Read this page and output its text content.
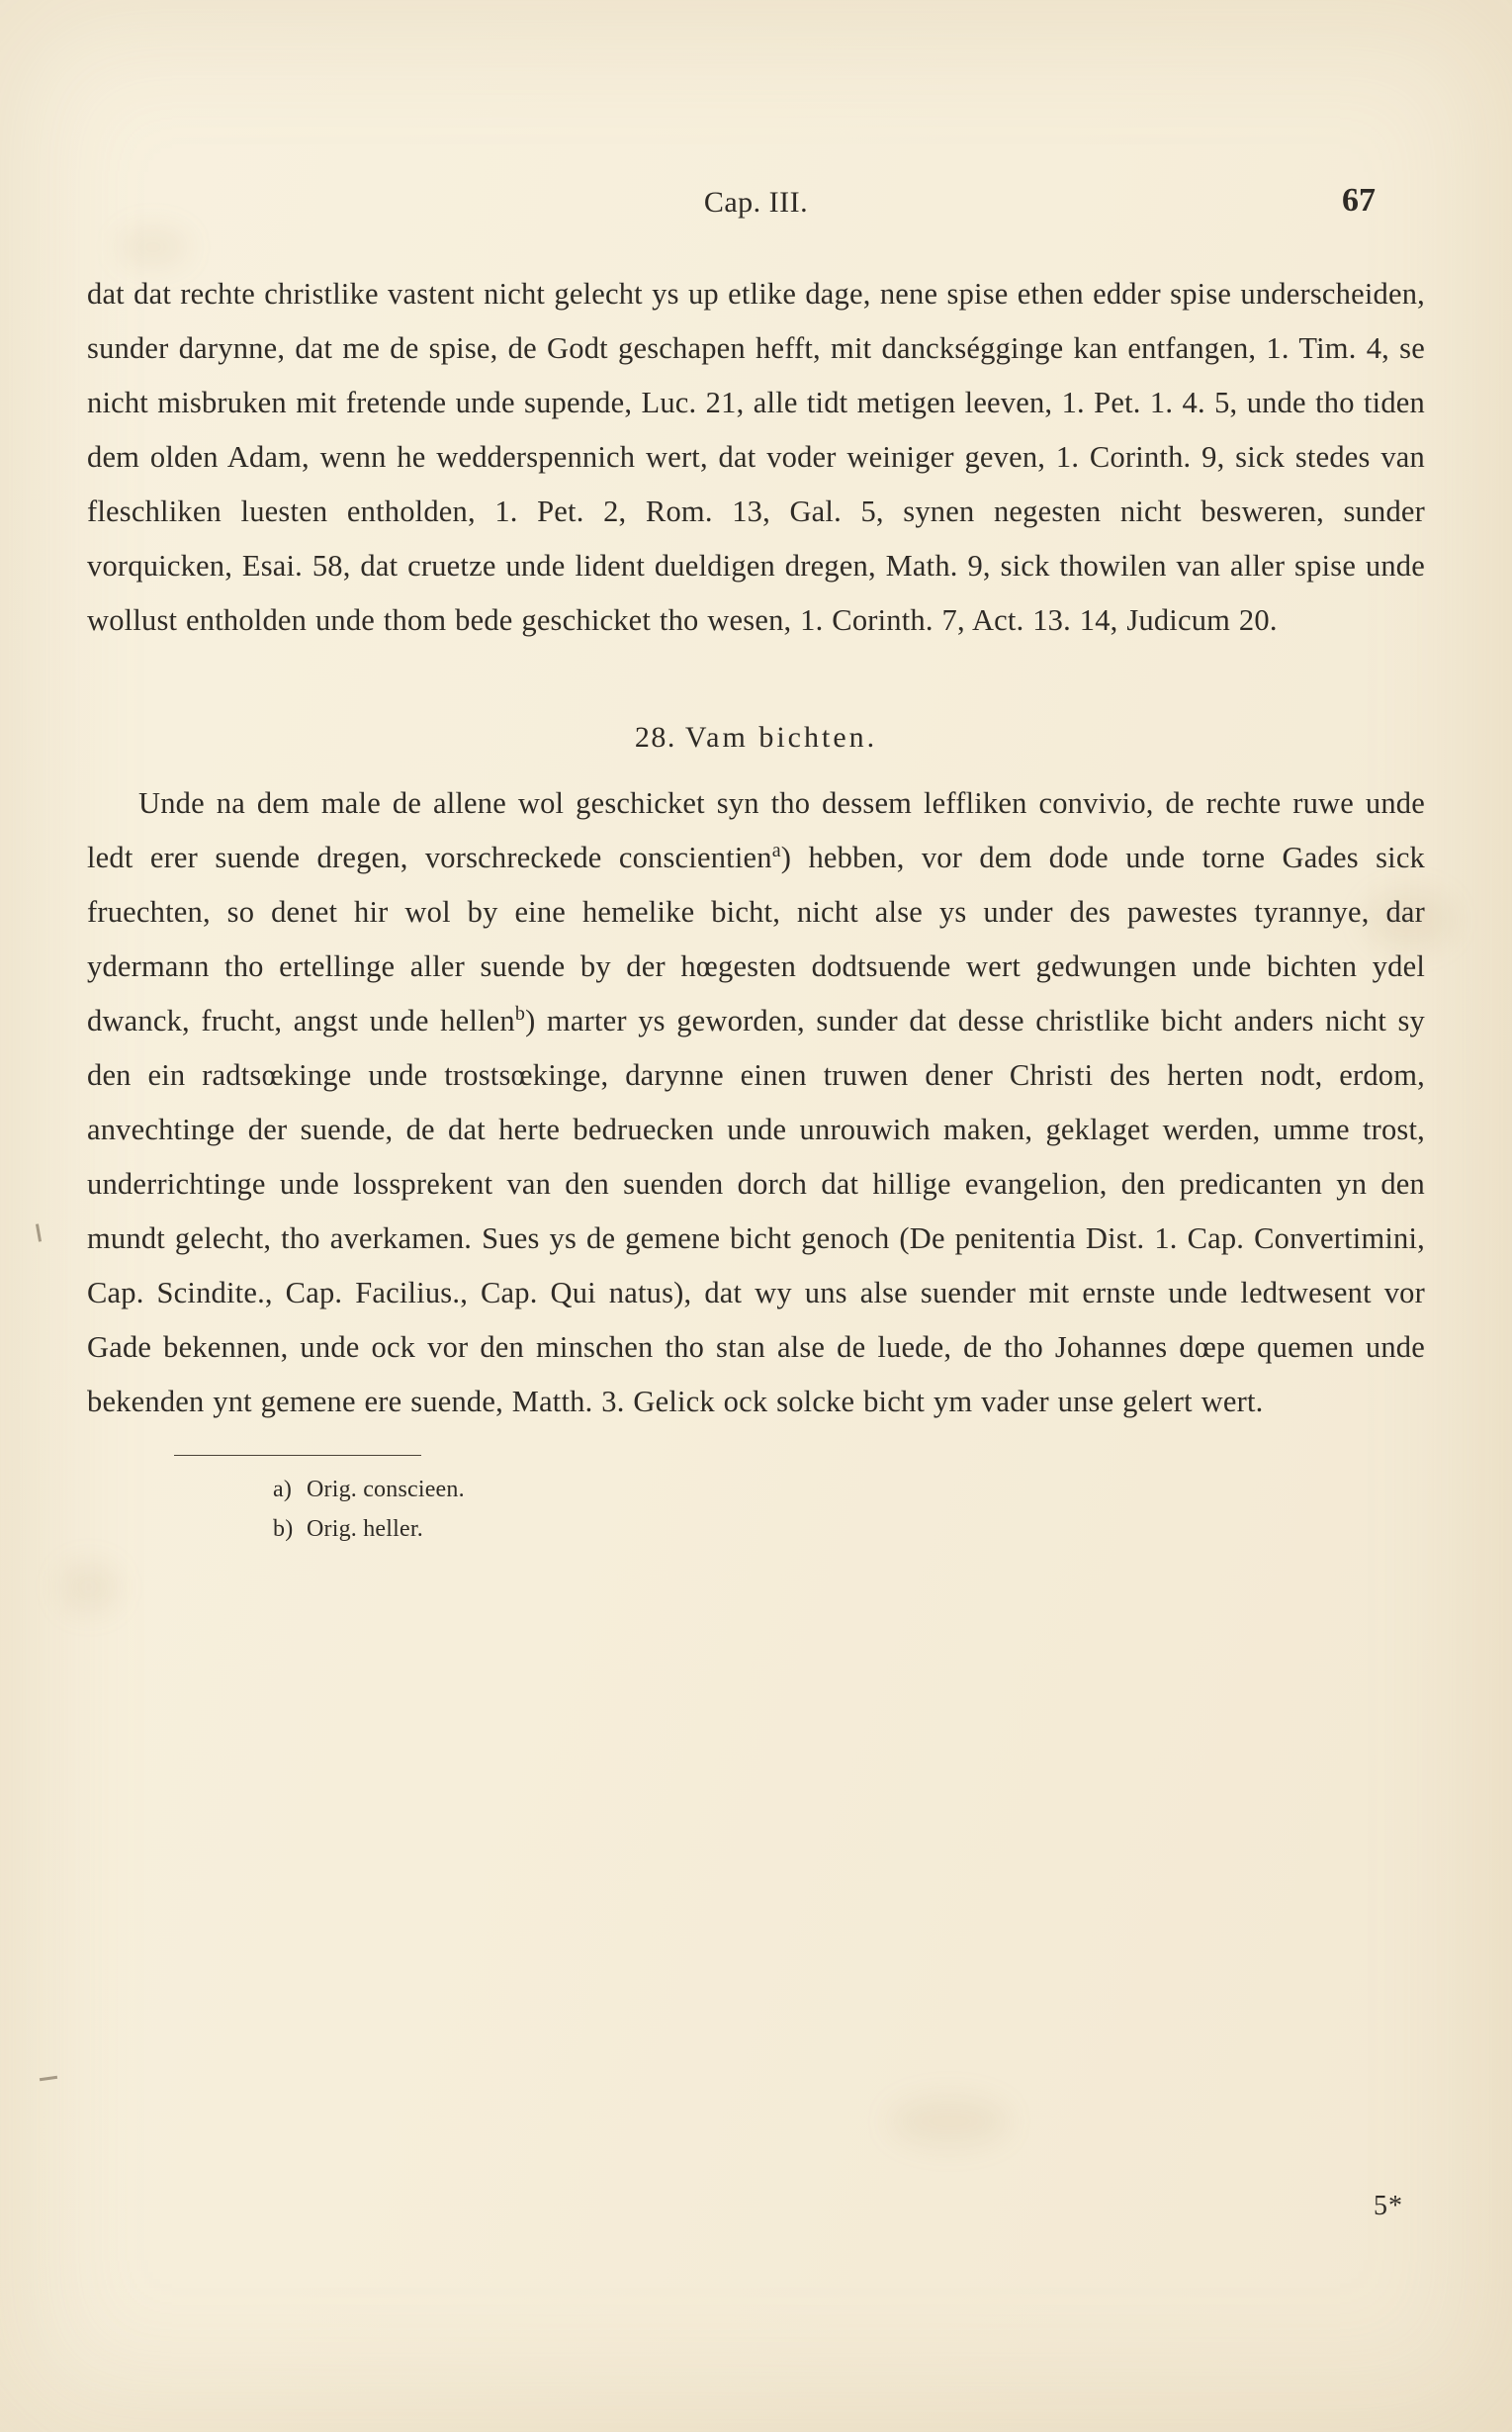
Cap. III.	67
dat dat rechte christlike vastent nicht gelecht ys up etlike dage, nene spise ethen edder spise underscheiden, sunder darynne, dat me de spise, de Godt geschapen hefft, mit danckségginge kan entfangen, 1. Tim. 4, se nicht misbruken mit fretende unde supende, Luc. 21, alle tidt metigen leeven, 1. Pet. 1. 4. 5, unde tho tiden dem olden Adam, wenn he wedderspennich wert, dat voder weiniger geven, 1. Corinth. 9, sick stedes van fleschliken luesten entholden, 1. Pet. 2, Rom. 13, Gal. 5, synen negesten nicht besweren, sunder vorquicken, Esai. 58, dat cruetze unde lident dueldigen dregen, Math. 9, sick thowilen van aller spise unde wollust entholden unde thom bede geschicket tho wesen, 1. Corinth. 7, Act. 13. 14, Judicum 20.
28. Vam bichten.
Unde na dem male de allene wol geschicket syn tho dessem leffliken convivio, de rechte ruwe unde ledt erer suende dregen, vorschreckede conscientien$^a$) hebben, vor dem dode unde torne Gades sick fruechten, so denet hir wol by eine hemelike bicht, nicht alse ys under des pawestes tyrannye, dar ydermann tho ertellinge aller suende by der hœgesten dodtsuende wert gedwungen unde bichten ydel dwanck, frucht, angst unde hellen$^b$) marter ys geworden, sunder dat desse christlike bicht anders nicht sy den ein radtsœkinge unde trostsœkinge, darynne einen truwen dener Christi des herten nodt, erdom, anvechtinge der suende, de dat herte bedruecken unde unrouwich maken, geklaget werden, umme trost, underrichtinge unde lossprekent van den suenden dorch dat hillige evangelion, den predicanten yn den mundt gelecht, tho averkamen. Sues ys de gemene bicht genoch (De penitentia Dist. 1. Cap. Convertimini, Cap. Scindite., Cap. Facilius., Cap. Qui natus), dat wy uns alse suender mit ernste unde ledtwesent vor Gade bekennen, unde ock vor den minschen tho stan alse de luede, de tho Johannes dœpe quemen unde bekenden ynt gemene ere suende, Matth. 3. Gelick ock solcke bicht ym vader unse gelert wert.
a) Orig. conscieen.
b) Orig. heller.
5*
